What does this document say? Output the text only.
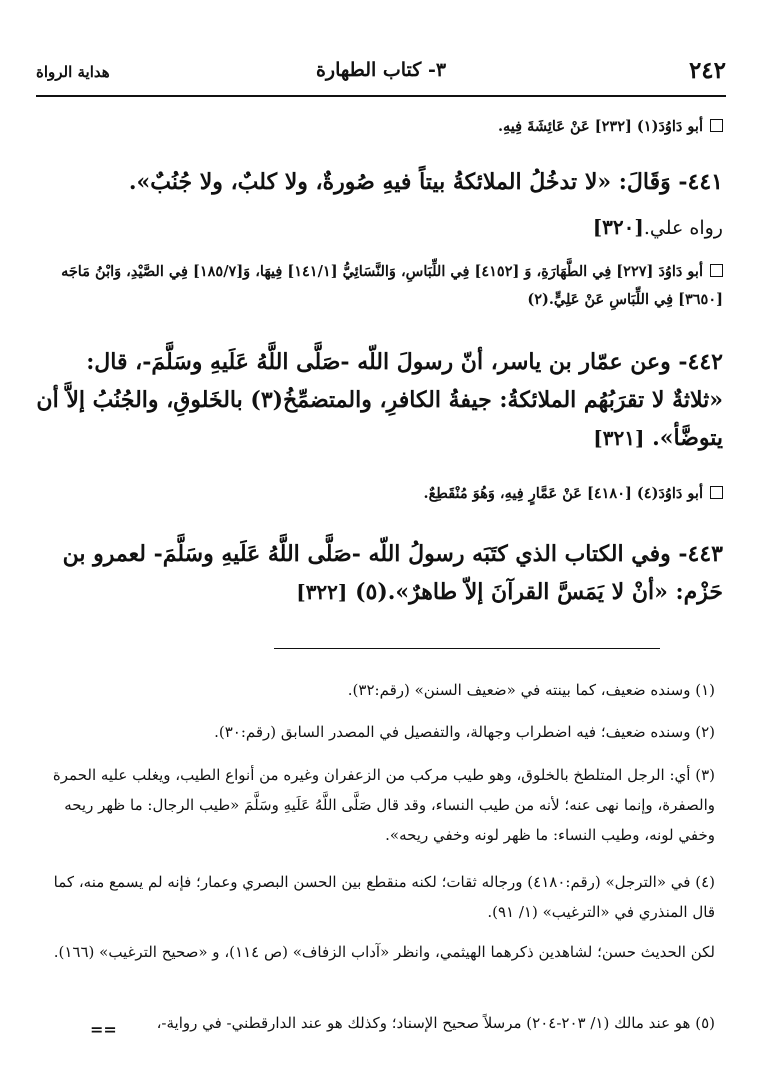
٢٤٢
٣- كتاب الطهارة
هداية الرواة
أبو دَاوُدَ(١) [٢٣٢] عَنْ عَائِشَةَ فِيهِ.
٤٤١- وَقَالَ: «لا تدخُلُ الملائكةُ بيتاً فيهِ صُورةٌ، ولا كلبٌ، ولا جُنُبٌ».
رواه علي.[٣٢٠]
أبو دَاوُدَ [٢٢٧] فِي الطَّهَارَةِ، وَ [٤١٥٢] فِي اللِّبَاسِ، وَالنَّسَائِيُّ [١٤١/١] فِيهَا، وَ[١٨٥/٧] فِي الصَّيْدِ، وَابْنُ مَاجَه [٣٦٥٠] فِي اللِّبَاسِ عَنْ عَلِيٍّ.(٢)
٤٤٢- وعن عمّار بن ياسر، أنّ رسولَ اللّه -صَلَّى اللَّهُ عَلَيهِ وسَلَّمَ-، قال: «ثلاثةٌ لا تقرَبُهُم الملائكةُ: جيفةُ الكافرِ، والمتضمِّخُ(٣) بالخَلوقِ، والجُنُبُ إلاَّ أن يتوضَّأ». [٣٢١]
أبو دَاوُدَ(٤) [٤١٨٠] عَنْ عَمَّارٍ فِيهِ، وَهُوَ مُنْقَطِعٌ.
٤٤٣- وفي الكتاب الذي كتَبَه رسولُ اللّه -صَلَّى اللَّهُ عَلَيهِ وسَلَّمَ- لعمرو بن حَزْم: «أنْ لا يَمَسَّ القرآنَ إلاّ طاهرٌ».(٥) [٣٢٢]
(١) وسنده ضعيف، كما بينته في «ضعيف السنن» (رقم:٣٢).
(٢) وسنده ضعيف؛ فيه اضطراب وجهالة، والتفصيل في المصدر السابق (رقم:٣٠).
(٣) أي: الرجل المتلطخ بالخلوق، وهو طيب مركب من الزعفران وغيره من أنواع الطيب، ويغلب عليه الحمرة والصفرة، وإنما نهى عنه؛ لأنه من طيب النساء، وقد قال صَلَّى اللَّهُ عَلَيهِ وسَلَّمَ «طيب الرجال: ما ظهر ريحه وخفي لونه، وطيب النساء: ما ظهر لونه وخفي ريحه».
(٤) في «الترجل» (رقم:٤١٨٠) ورجاله ثقات؛ لكنه منقطع بين الحسن البصري وعمار؛ فإنه لم يسمع منه، كما قال المنذري في «الترغيب» (١/ ٩١).
لكن الحديث حسن؛ لشاهدين ذكرهما الهيثمي، وانظر «آداب الزفاف» (ص ١١٤)، و «صحيح الترغيب» (١٦٦).
(٥) هو عند مالك (١/ ٢٠٣-٢٠٤) مرسلاً صحيح الإسناد؛ وكذلك هو عند الدارقطني- في رواية-،
==
